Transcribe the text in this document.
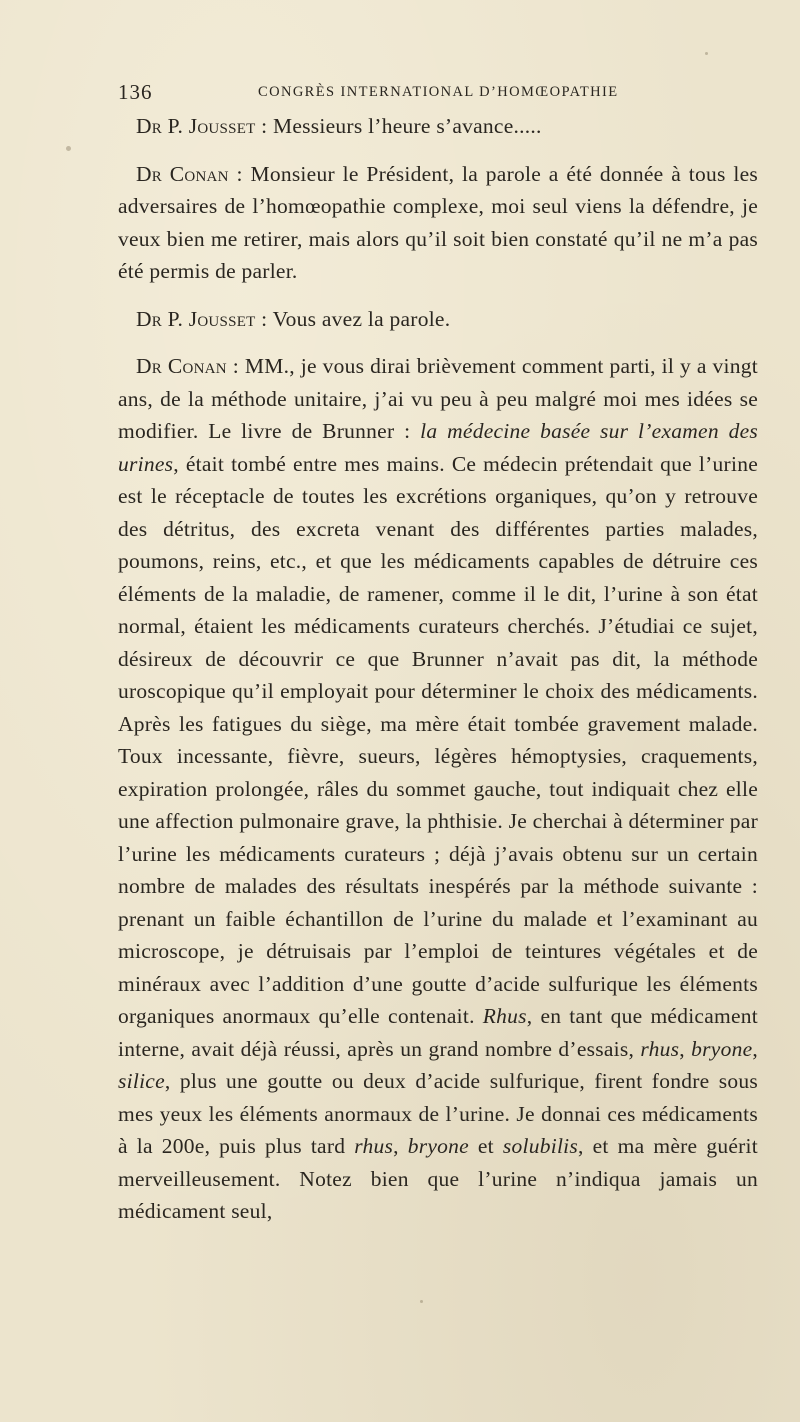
136	CONGRÈS INTERNATIONAL D’HOMŒOPATHIE

Dr P. Jousset : Messieurs l’heure s’avance.....

Dr Conan : Monsieur le Président, la parole a été donnée à tous les adversaires de l’homœopathie complexe, moi seul viens la défendre, je veux bien me retirer, mais alors qu’il soit bien constaté qu’il ne m’a pas été permis de parler.

Dr P. Jousset : Vous avez la parole.

Dr Conan : MM., je vous dirai brièvement comment parti, il y a vingt ans, de la méthode unitaire, j’ai vu peu à peu malgré moi mes idées se modifier. Le livre de Brunner : la médecine basée sur l’examen des urines, était tombé entre mes mains. Ce médecin prétendait que l’urine est le réceptacle de toutes les excrétions organiques, qu’on y retrouve des détritus, des excreta venant des différentes parties malades, poumons, reins, etc., et que les médicaments capables de détruire ces éléments de la maladie, de ramener, comme il le dit, l’urine à son état normal, étaient les médicaments curateurs cherchés. J’étudiai ce sujet, désireux de découvrir ce que Brunner n’avait pas dit, la méthode uroscopique qu’il employait pour déterminer le choix des médicaments. Après les fatigues du siège, ma mère était tombée gravement malade. Toux incessante, fièvre, sueurs, légères hémoptysies, craquements, expiration prolongée, râles du sommet gauche, tout indiquait chez elle une affection pulmonaire grave, la phthisie. Je cherchai à déterminer par l’urine les médicaments curateurs ; déjà j’avais obtenu sur un certain nombre de malades des résultats inespérés par la méthode suivante : prenant un faible échantillon de l’urine du malade et l’examinant au microscope, je détruisais par l’emploi de teintures végétales et de minéraux avec l’addition d’une goutte d’acide sulfurique les éléments organiques anormaux qu’elle contenait. Rhus, en tant que médicament interne, avait déjà réussi, après un grand nombre d’essais, rhus, bryone, silice, plus une goutte ou deux d’acide sulfurique, firent fondre sous mes yeux les éléments anormaux de l’urine. Je donnai ces médicaments à la 200e, puis plus tard rhus, bryone et solubilis, et ma mère guérit merveilleusement. Notez bien que l’urine n’indiqua jamais un médicament seul,
